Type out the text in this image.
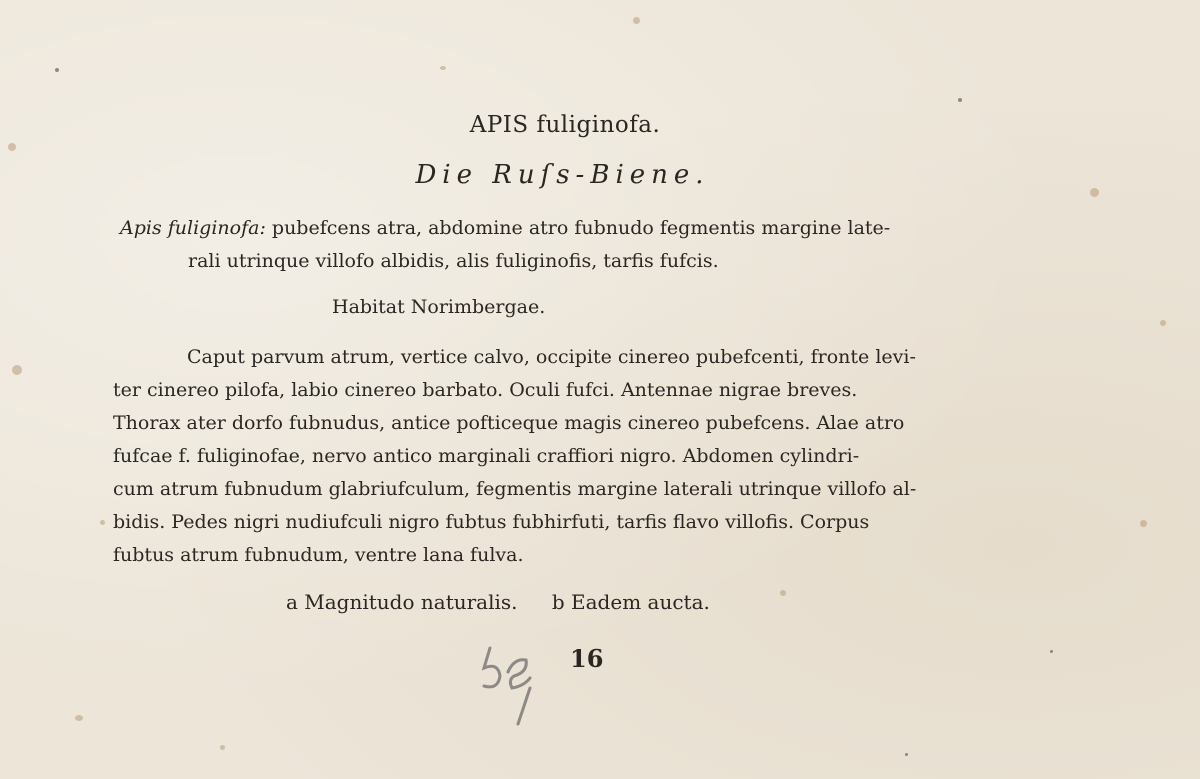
APIS fuliginofa.
Die Ruſs-Biene.
Apis fuliginofa: pubefcens atra, abdomine atro fubnudo fegmentis margine late-
rali utrinque villofo albidis, alis fuliginofis, tarfis fufcis.
Habitat Norimbergae.
Caput parvum atrum, vertice calvo, occipite cinereo pubefcenti, fronte levi-
ter cinereo pilofa, labio cinereo barbato. Oculi fufci. Antennae nigrae breves.
Thorax ater dorfo fubnudus, antice pofticeque magis cinereo pubefcens. Alae atro
fufcae f. fuliginofae, nervo antico marginali craffiori nigro. Abdomen cylindri-
cum atrum fubnudum glabriufculum, fegmentis margine laterali utrinque villofo al-
bidis. Pedes nigri nudiufculi nigro fubtus fubhirfuti, tarfis flavo villofis. Corpus
fubtus atrum fubnudum, ventre lana fulva.
a Magnitudo naturalis. b Eadem aucta.
16
